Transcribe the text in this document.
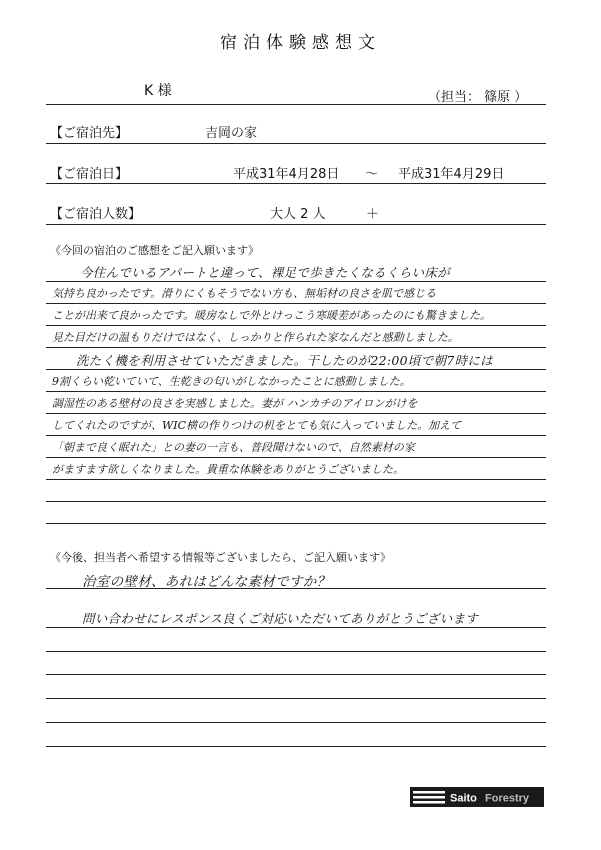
宿泊体験感想文
K 様	（担当： 篠原 ）
【ご宿泊先】	吉岡の家
【ご宿泊日】	平成31年4月28日 ～ 平成31年4月29日
【ご宿泊人数】	大人 2 人	＋
《今回の宿泊のご感想をご記入願います》
今住んでいるアパートと違って、裸足で歩きたくなるくらい床が
気持ち良かったです。滑りにくもそうでない方も、無垢材の良さを肌で感じる
ことが出来て良かったです。暖房なしで外とけっこう寒暖差があったのにも驚きました。
見た目だけの温もりだけではなく、しっかりと作られた家なんだと感動しました。
洗たく機を利用させていただきました。干したのが22:00頃で朝7時には
9割くらい乾いていて、生乾きの匂いがしなかったことに感動しました。
調湿性のある壁材の良さを実感しました。妻が ハンカチのアイロンがけを
してくれたのですが、WIC横の作りつけの机をとても気に入っていました。加えて
「朝まで良く眠れた」との妻の一言も、普段聞けないので、自然素材の家
がますます欲しくなりました。貴重な体験をありがとうございました。
《今後、担当者へ希望する情報等ございましたら、ご記入願います》
治室の壁材、あれはどんな素材ですか？
問い合わせにレスポンス良くご対応いただいてありがとうございます
Saito Forestry
